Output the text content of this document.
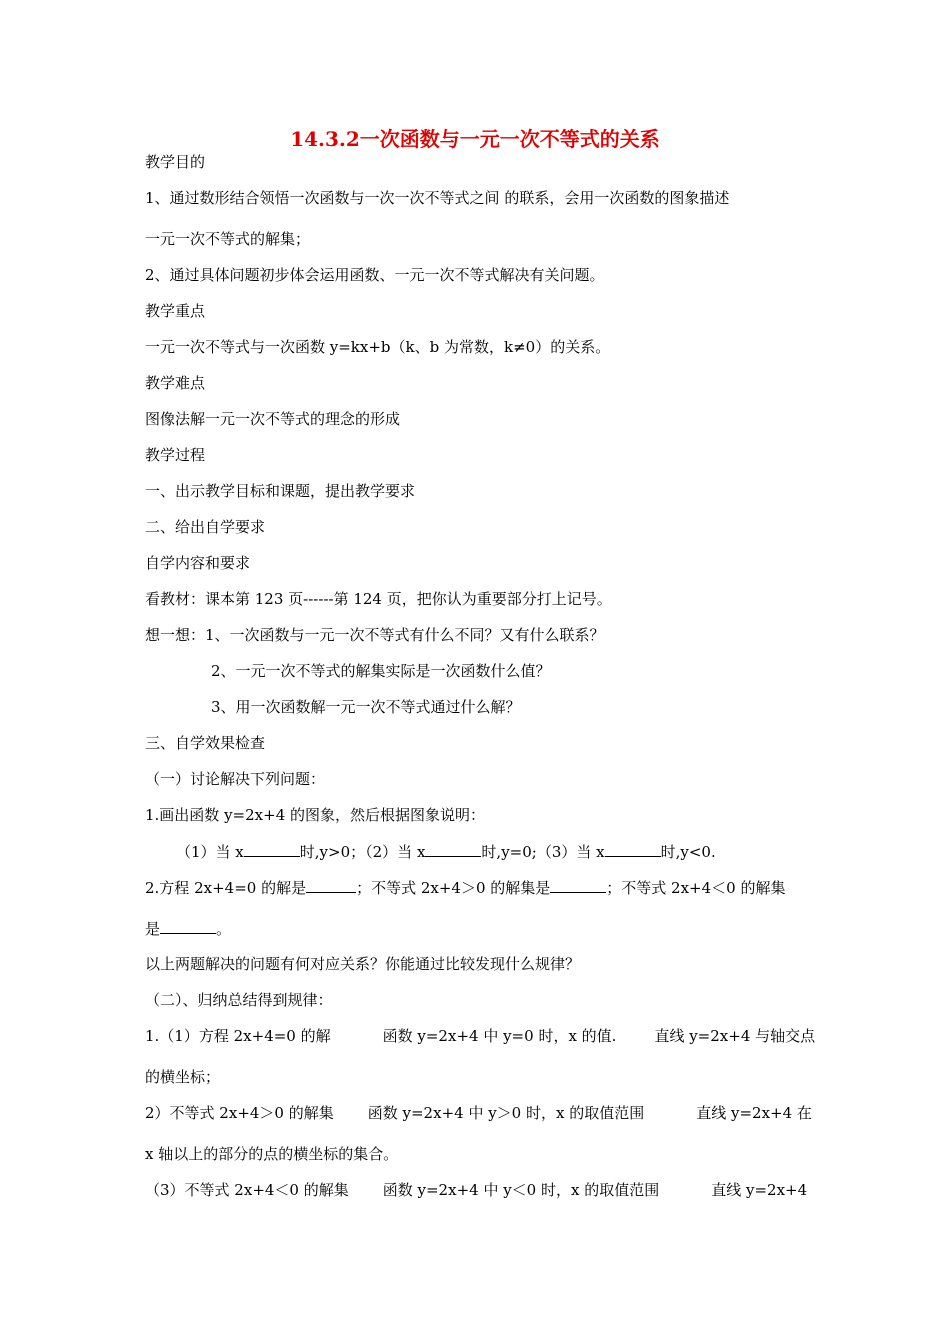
14.3.2一次函数与一元一次不等式的关系
教学目的
1、通过数形结合领悟一次函数与一次一次不等式之间 的联系，会用一次函数的图象描述
一元一次不等式的解集；
2、通过具体问题初步体会运用函数、一元一次不等式解决有关问题。
教学重点
一元一次不等式与一次函数 y=kx+b（k、b 为常数，k≠0）的关系。
教学难点
图像法解一元一次不等式的理念的形成
教学过程
一、出示教学目标和课题，提出教学要求
二、给出自学要求
自学内容和要求
看教材：课本第 123 页------第 124 页，把你认为重要部分打上记号。
想一想：1、一次函数与一元一次不等式有什么不同？又有什么联系？
2、一元一次不等式的解集实际是一次函数什么值？
3、用一次函数解一元一次不等式通过什么解？
三、自学效果检查
（一）讨论解决下列问题：
1.画出函数 y=2x+4 的图象，然后根据图象说明：
（1）当 x	时,y>0；（2）当 x	时,y=0;（3）当 x	时,y<0.
2.方程 2x+4=0 的解是	；不等式 2x+4＞0 的解集是	；不等式 2x+4＜0 的解集
是	。
以上两题解决的问题有何对应关系？你能通过比较发现什么规律？
（二）、归纳总结得到规律：
1.（1）方程 2x+4=0 的解	函数 y=2x+4 中 y=0 时，x 的值.	直线 y=2x+4 与轴交点
的横坐标；
2）不等式 2x+4＞0 的解集 函数 y=2x+4 中 y＞0 时，x 的取值范围	直线 y=2x+4 在
x 轴以上的部分的点的横坐标的集合。
（3）不等式 2x+4＜0 的解集 函数 y=2x+4 中 y＜0 时，x 的取值范围	直线 y=2x+4
